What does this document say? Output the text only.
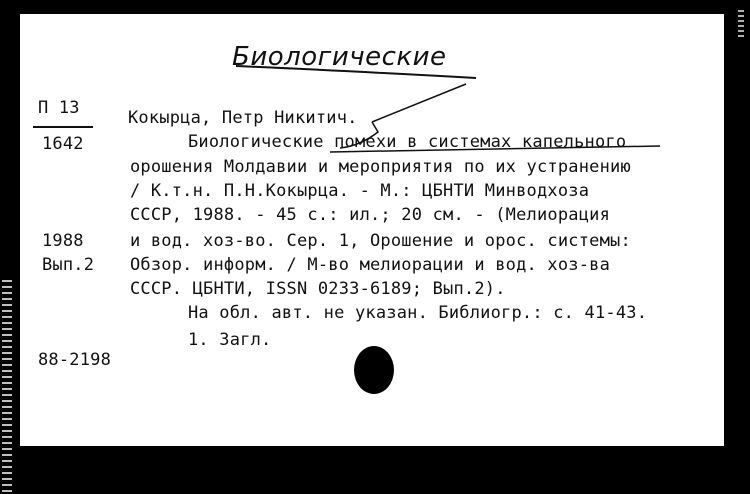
Биологические
П 13
1642
1988
Вып.2
88-2198
Кокырца, Петр Никитич.
Биологические помехи в системах капельного
орошения Молдавии и мероприятия по их устранению
/ К.т.н. П.Н.Кокырца. - М.: ЦБНТИ Минводхоза
СССР, 1988. - 45 с.: ил.; 20 см. - (Мелиорация
и вод. хоз-во. Сер. 1, Орошение и орос. системы:
Обзор. информ. / М-во мелиорации и вод. хоз-ва
СССР. ЦБНТИ, ISSN 0233-6189; Вып.2).
На обл. авт. не указан. Библиогр.: с. 41-43.
1. Загл.
